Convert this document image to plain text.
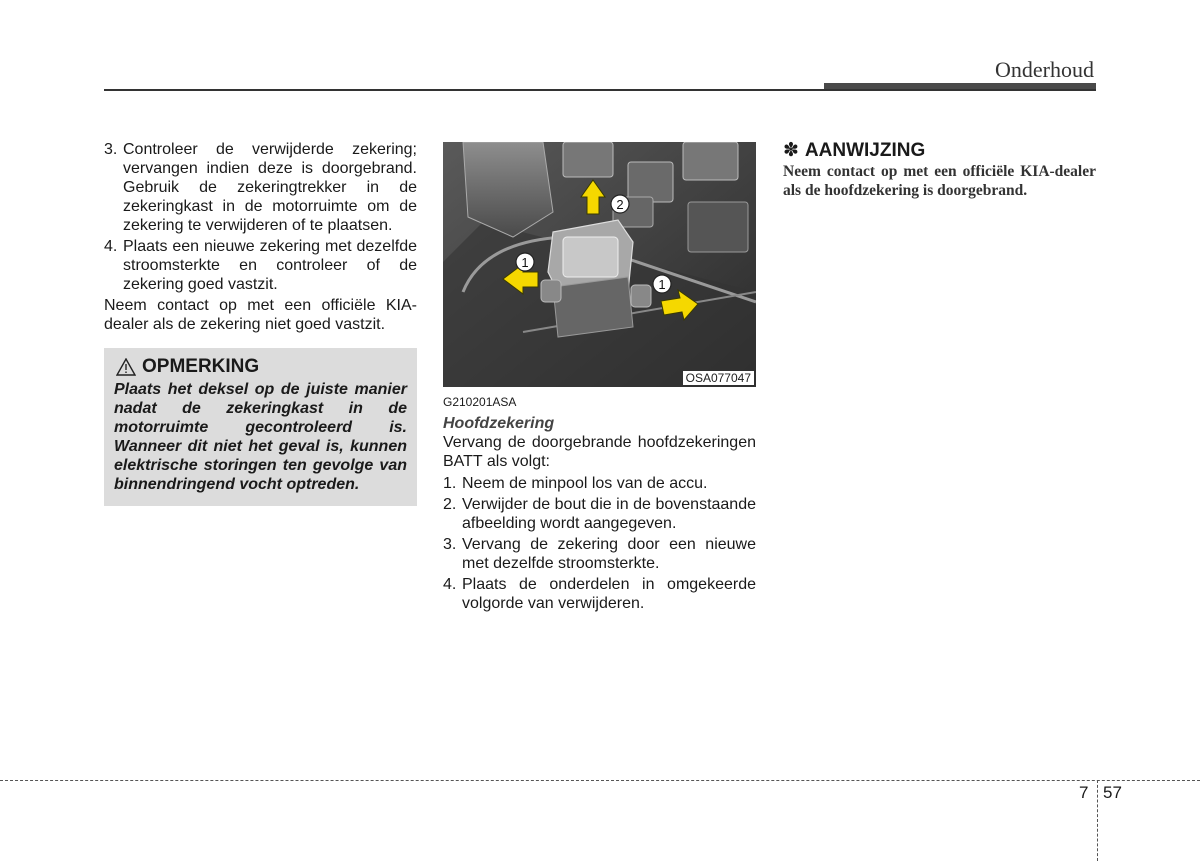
Onderhoud
3. Controleer de verwijderde zekering; vervangen indien deze is doorgebrand. Gebruik de zekeringtrekker in de zekeringkast in de motorruimte om de zekering te verwijderen of te plaatsen.
4. Plaats een nieuwe zekering met dezelfde stroomsterkte en controleer of de zekering goed vastzit.

Neem contact op met een officiële KIA-dealer als de zekering niet goed vastzit.

OPMERKING
Plaats het deksel op de juiste manier nadat de zekeringkast in de motorruimte gecontroleerd is. Wanneer dit niet het geval is, kunnen elektrische storingen ten gevolge van binnendringend vocht optreden.
1
1
2
OSA077047
G210201ASA
Hoofdzekering

Vervang de doorgebrande hoofdzekeringen BATT als volgt:

1. Neem de minpool los van de accu.
2. Verwijder de bout die in de bovenstaande afbeelding wordt aangegeven.
3. Vervang de zekering door een nieuwe met dezelfde stroomsterkte.
4. Plaats de onderdelen in omgekeerde volgorde van verwijderen.
✽ AANWIJZING
Neem contact op met een officiële KIA-dealer als de hoofdzekering is doorgebrand.
7 57
